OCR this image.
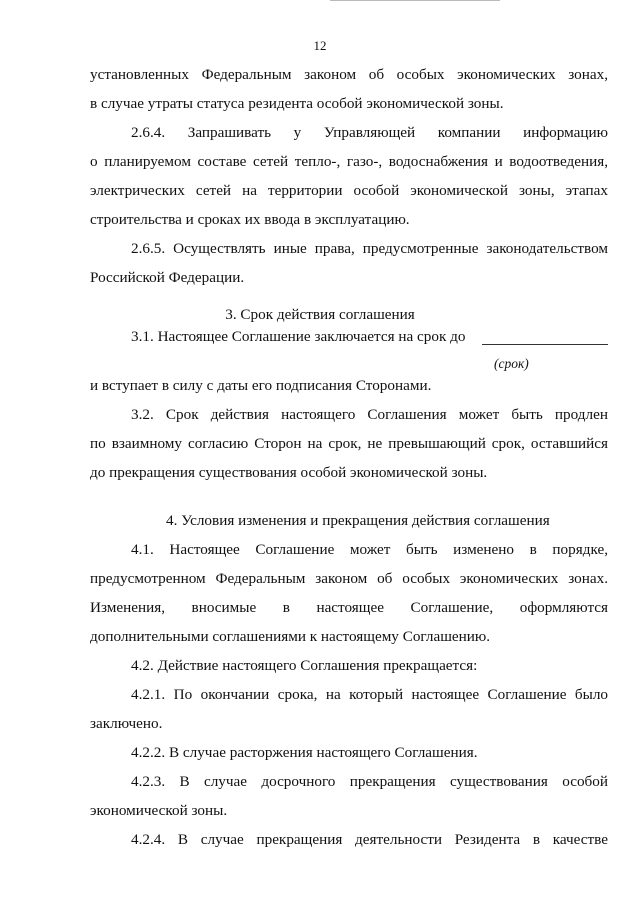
12
установленных Федеральным законом об особых экономических зонах,
в случае утраты статуса резидента особой экономической зоны.
2.6.4. Запрашивать у Управляющей компании информацию
о планируемом составе сетей тепло-, газо-, водоснабжения и водоотведения,
электрических сетей на территории особой экономической зоны, этапах
строительства и сроках их ввода в эксплуатацию.
2.6.5. Осуществлять иные права, предусмотренные законодательством
Российской Федерации.
3. Срок действия соглашения
3.1. Настоящее Соглашение заключается на срок до
(срок)
и вступает в силу с даты его подписания Сторонами.
3.2. Срок действия настоящего Соглашения может быть продлен
по взаимному согласию Сторон на срок, не превышающий срок, оставшийся
до прекращения существования особой экономической зоны.
4. Условия изменения и прекращения действия соглашения
4.1. Настоящее Соглашение может быть изменено в порядке,
предусмотренном Федеральным законом об особых экономических зонах.
Изменения, вносимые в настоящее Соглашение, оформляются
дополнительными соглашениями к настоящему Соглашению.
4.2. Действие настоящего Соглашения прекращается:
4.2.1. По окончании срока, на который настоящее Соглашение было
заключено.
4.2.2. В случае расторжения настоящего Соглашения.
4.2.3. В случае досрочного прекращения существования особой
экономической зоны.
4.2.4. В случае прекращения деятельности Резидента в качестве
